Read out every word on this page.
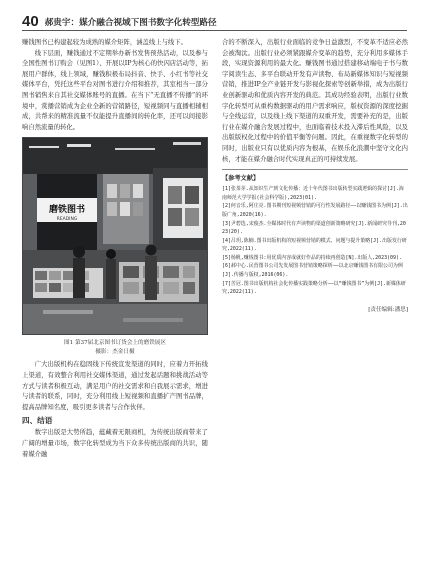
40 郝贵宇：媒介融合视域下图书数字化转型路径

赚钱图书已构建起较为成熟的媒介矩阵，涵盖线上与线下。

线下层面，赚钱通过不定期举办新书发售预热活动，以及参与全国性图书订购会（见图1）、开展以IP为核心的快闪店活动等，拓展用户群体，线上领域，赚钱积极布局抖音、快手、小红书等社交媒体平台，凭托这些平台对图书进行介绍和推荐，其室相当一部分图书销售来自其社交媒体账号的直播。在当下“无直播不传播”的环境中，赏播营销成为企业全新的营销路径，短视频同与直播相辅相成，共帮来的精准流量不仅能提升直播间的转化率，还可以间接影响自然流量的转化。

磨铁图书
READING
图1 第37届北京图书订货会上的磨铁展区
摄影：杰金日摄

广大出版机构在稳固线下传统宣发渠道的同时，应着力开拓线上渠道，有效整合利用社交媒体渠道，通过发起话题和挑战活动等方式与读者积极互动，满足用户的社交需求和自我展示需求，增进与读者的联系，同时，充分利用线上短视频和直播扩产图书品牌，提高品牌知名度，吸引更多读者与合作伙伴。

四、结语

数字出版是大势所趋，蕴藏着无限商机，为传统出版商带来了广阔的增量市场，数字化转型成为当下众多传统出版商的共识，随着媒介融

合的不断深入，出版行业面临的竞争日益激烈，不变革不适应必然会被淘汰。出版行业必须紧跟媒介变革的趋势，充分利用多媒体手段，实现资源利用的最大化。赚钱图书通过搭建移动端电子书与数字阅读生态、多平台联动开发有声读物、布局新媒体知识与短视频营销，推进IP全产业链开发与影视化探索等创新举措，成为出版行业创新驱动和优质内容开发的典范。其成功经验表明，出版行业数字化转型可从重构数据驱动的用户需求响应，版权资源的深度挖掘与全线运营，以及线上线下渠道的双重开发，需要补充的是，出版行业在媒介融合发展过程中，也面临着技术投入滞后性风险，以及出版版权化过程中的价值平衡等问题。因此，在重视数字化转型的同时，出版业只有以优质内容为根基，在娱乐化浪潮中坚守文化内核，才能在媒介融合时代实现真正的可持续发展。

【参考文献】
[1]张茶芽.从知识生产到文化传播：近十年代图书出版转型实践逻辑的探讨[J].海南师范大学学报(社会科学版),2023(01).
[2]何音乐,阿庄亮.图书期刊短视频营销的可行性发展路径——以赚钱图书为例[J].出版广角,2020(16).
[3]尹碧选,宋俊杰.全媒体时代有声读物的渠道创新策略研究[J].新闻研究导刊,2023(20).
[4]吕玥,陈楠.图书出版机构的短视频营销的模式、问题与提升策略[J].出版发行研究,2022(11).
[5]杨帆,赚钱图书:用优质内容成就好作品的持续再创造[N].出版人,2023(09).
[6]郝中心.民营图书公司先发展图书营销策略探析——以北京赚钱图书有限公司为例[J].传播与版权,2016(06).
[7]苦冠.图书出版机构社会化传播实践策略分析——以“赚钱图书”为例[J].新媒体研究,2022(11).
[责任编辑:潘思]
